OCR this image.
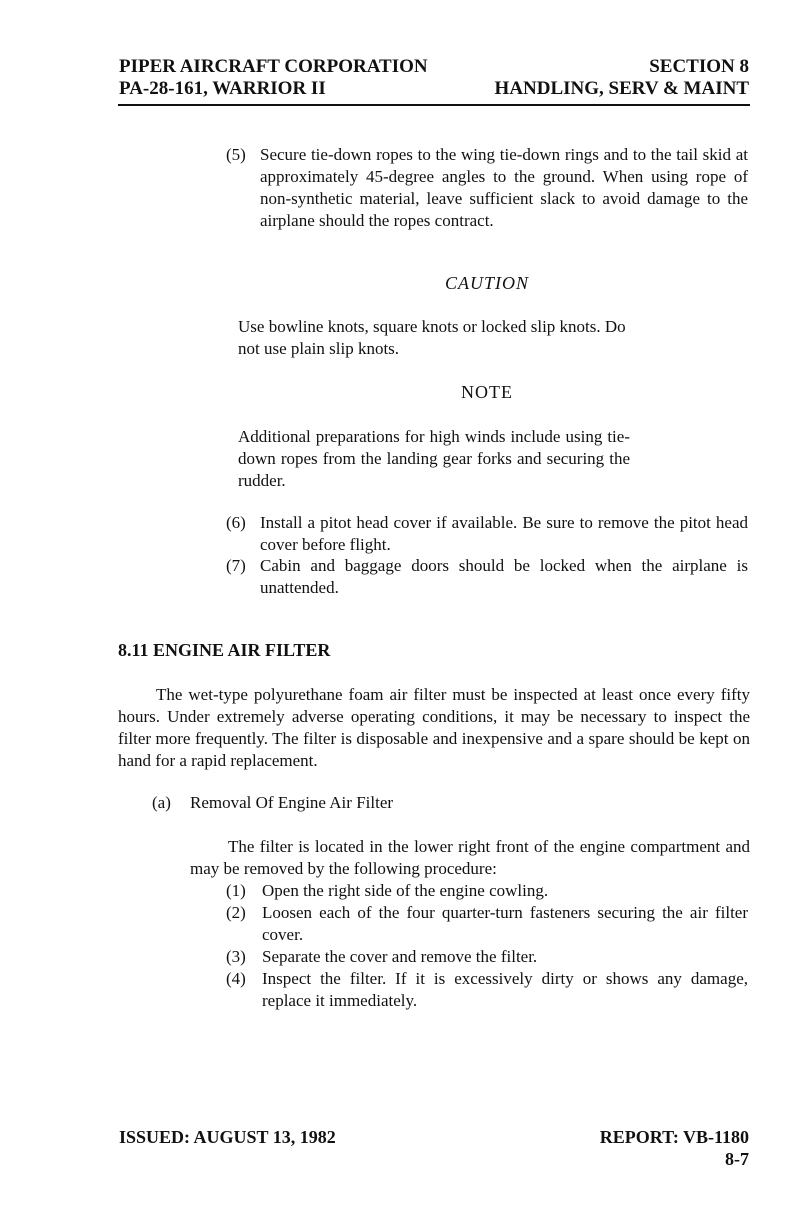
PIPER AIRCRAFT CORPORATION
PA-28-161, WARRIOR II
SECTION 8
HANDLING, SERV & MAINT
(5) Secure tie-down ropes to the wing tie-down rings and to the tail skid at approximately 45-degree angles to the ground. When using rope of non-synthetic material, leave sufficient slack to avoid damage to the airplane should the ropes contract.
CAUTION
Use bowline knots, square knots or locked slip knots. Do not use plain slip knots.
NOTE
Additional preparations for high winds include using tie-down ropes from the landing gear forks and securing the rudder.
(6) Install a pitot head cover if available. Be sure to remove the pitot head cover before flight.
(7) Cabin and baggage doors should be locked when the airplane is unattended.
8.11 ENGINE AIR FILTER
The wet-type polyurethane foam air filter must be inspected at least once every fifty hours. Under extremely adverse operating conditions, it may be necessary to inspect the filter more frequently. The filter is disposable and inexpensive and a spare should be kept on hand for a rapid replacement.
(a) Removal Of Engine Air Filter
The filter is located in the lower right front of the engine compartment and may be removed by the following procedure:
(1) Open the right side of the engine cowling.
(2) Loosen each of the four quarter-turn fasteners securing the air filter cover.
(3) Separate the cover and remove the filter.
(4) Inspect the filter. If it is excessively dirty or shows any damage, replace it immediately.
ISSUED: AUGUST 13, 1982	REPORT: VB-1180
8-7
